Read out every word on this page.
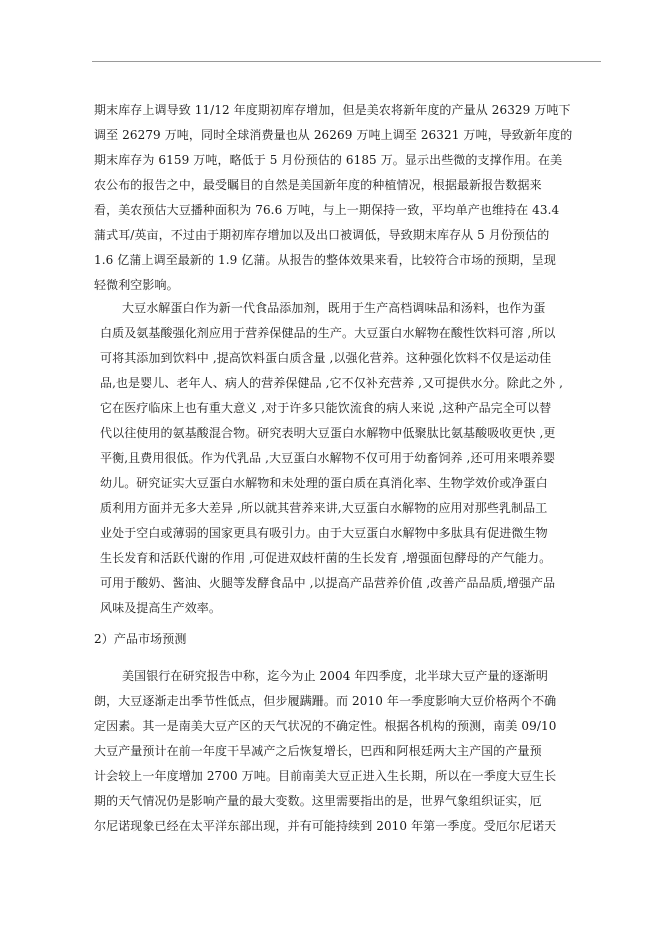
期末库存上调导致 11/12 年度期初库存增加，但是美农将新年度的产量从 26329 万吨下
调至 26279 万吨，同时全球消费量也从 26269 万吨上调至 26321 万吨，导致新年度的
期末库存为 6159 万吨，略低于 5 月份预估的 6185 万。显示出些微的支撑作用。在美
农公布的报告之中，最受瞩目的自然是美国新年度的种植情况，根据最新报告数据来
看，美农预估大豆播种面积为 76.6 万吨，与上一期保持一致，平均单产也维持在 43.4
蒲式耳/英亩，不过由于期初库存增加以及出口被调低，导致期末库存从 5 月份预估的
1.6 亿蒲上调至最新的 1.9 亿蒲。从报告的整体效果来看，比较符合市场的预期，呈现
轻微利空影响。
大豆水解蛋白作为新一代食品添加剂，既用于生产高档调味品和汤料，也作为蛋
白质及氨基酸强化剂应用于营养保健品的生产。大豆蛋白水解物在酸性饮料可溶 ,所以
可将其添加到饮料中 ,提高饮料蛋白质含量 ,以强化营养。这种强化饮料不仅是运动佳
品,也是婴儿、老年人、病人的营养保健品 ,它不仅补充营养 ,又可提供水分。除此之外 ,
它在医疗临床上也有重大意义 ,对于许多只能饮流食的病人来说 ,这种产品完全可以替
代以往使用的氨基酸混合物。研究表明大豆蛋白水解物中低聚肽比氨基酸吸收更快 ,更
平衡,且费用很低。作为代乳品 ,大豆蛋白水解物不仅可用于幼畜饲养 ,还可用来喂养婴
幼儿。研究证实大豆蛋白水解物和未处理的蛋白质在真消化率、生物学效价或净蛋白
质利用方面并无多大差异 ,所以就其营养来讲,大豆蛋白水解物的应用对那些乳制品工
业处于空白或薄弱的国家更具有吸引力。由于大豆蛋白水解物中多肽具有促进微生物
生长发育和活跃代谢的作用 ,可促进双歧杆菌的生长发育 ,增强面包酵母的产气能力。
可用于酸奶、酱油、火腿等发酵食品中 ,以提高产品营养价值 ,改善产品品质,增强产品
风味及提高生产效率。
2）产品市场预测
美国银行在研究报告中称，迄今为止 2004 年四季度，北半球大豆产量的逐渐明
朗，大豆逐渐走出季节性低点，但步履蹒跚。而 2010 年一季度影响大豆价格两个不确
定因素。其一是南美大豆产区的天气状况的不确定性。根据各机构的预测，南美 09/10
大豆产量预计在前一年度干旱减产之后恢复增长，巴西和阿根廷两大主产国的产量预
计会较上一年度增加 2700 万吨。目前南美大豆正进入生长期，所以在一季度大豆生长
期的天气情况仍是影响产量的最大变数。这里需要指出的是，世界气象组织证实，厄
尔尼诺现象已经在太平洋东部出现，并有可能持续到 2010 年第一季度。受厄尔尼诺天
